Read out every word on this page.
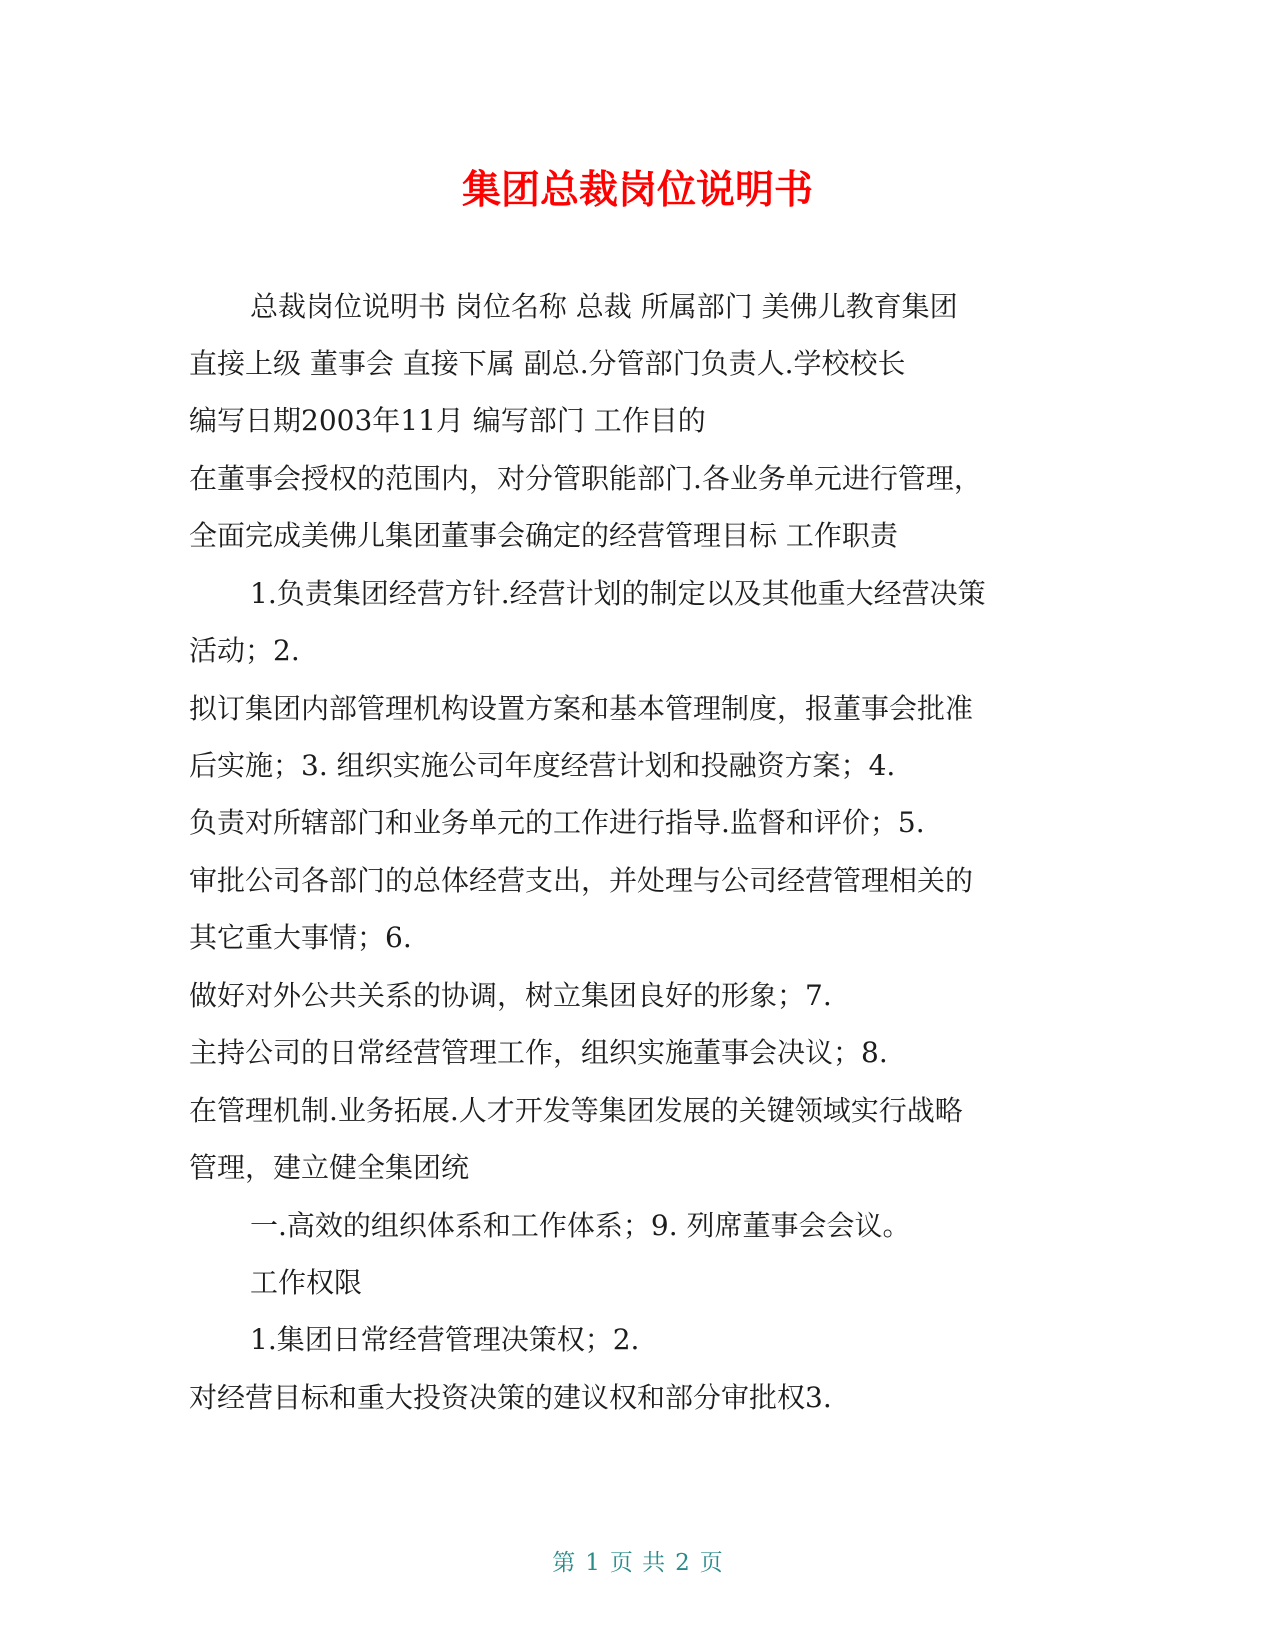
集团总裁岗位说明书
总裁岗位说明书 岗位名称 总裁 所属部门 美佛儿教育集团
直接上级 董事会 直接下属 副总.分管部门负责人.学校校长
编写日期2003年11月 编写部门 工作目的
在董事会授权的范围内，对分管职能部门.各业务单元进行管理，
全面完成美佛儿集团董事会确定的经营管理目标 工作职责
1.负责集团经营方针.经营计划的制定以及其他重大经营决策
活动；2.
拟订集团内部管理机构设置方案和基本管理制度，报董事会批准
后实施；3. 组织实施公司年度经营计划和投融资方案；4.
负责对所辖部门和业务单元的工作进行指导.监督和评价；5.
审批公司各部门的总体经营支出，并处理与公司经营管理相关的
其它重大事情；6.
做好对外公共关系的协调，树立集团良好的形象；7.
主持公司的日常经营管理工作，组织实施董事会决议；8.
在管理机制.业务拓展.人才开发等集团发展的关键领域实行战略
管理，建立健全集团统
一.高效的组织体系和工作体系；9. 列席董事会会议。
工作权限
1.集团日常经营管理决策权；2.
对经营目标和重大投资决策的建议权和部分审批权3.
第 1 页 共 2 页
